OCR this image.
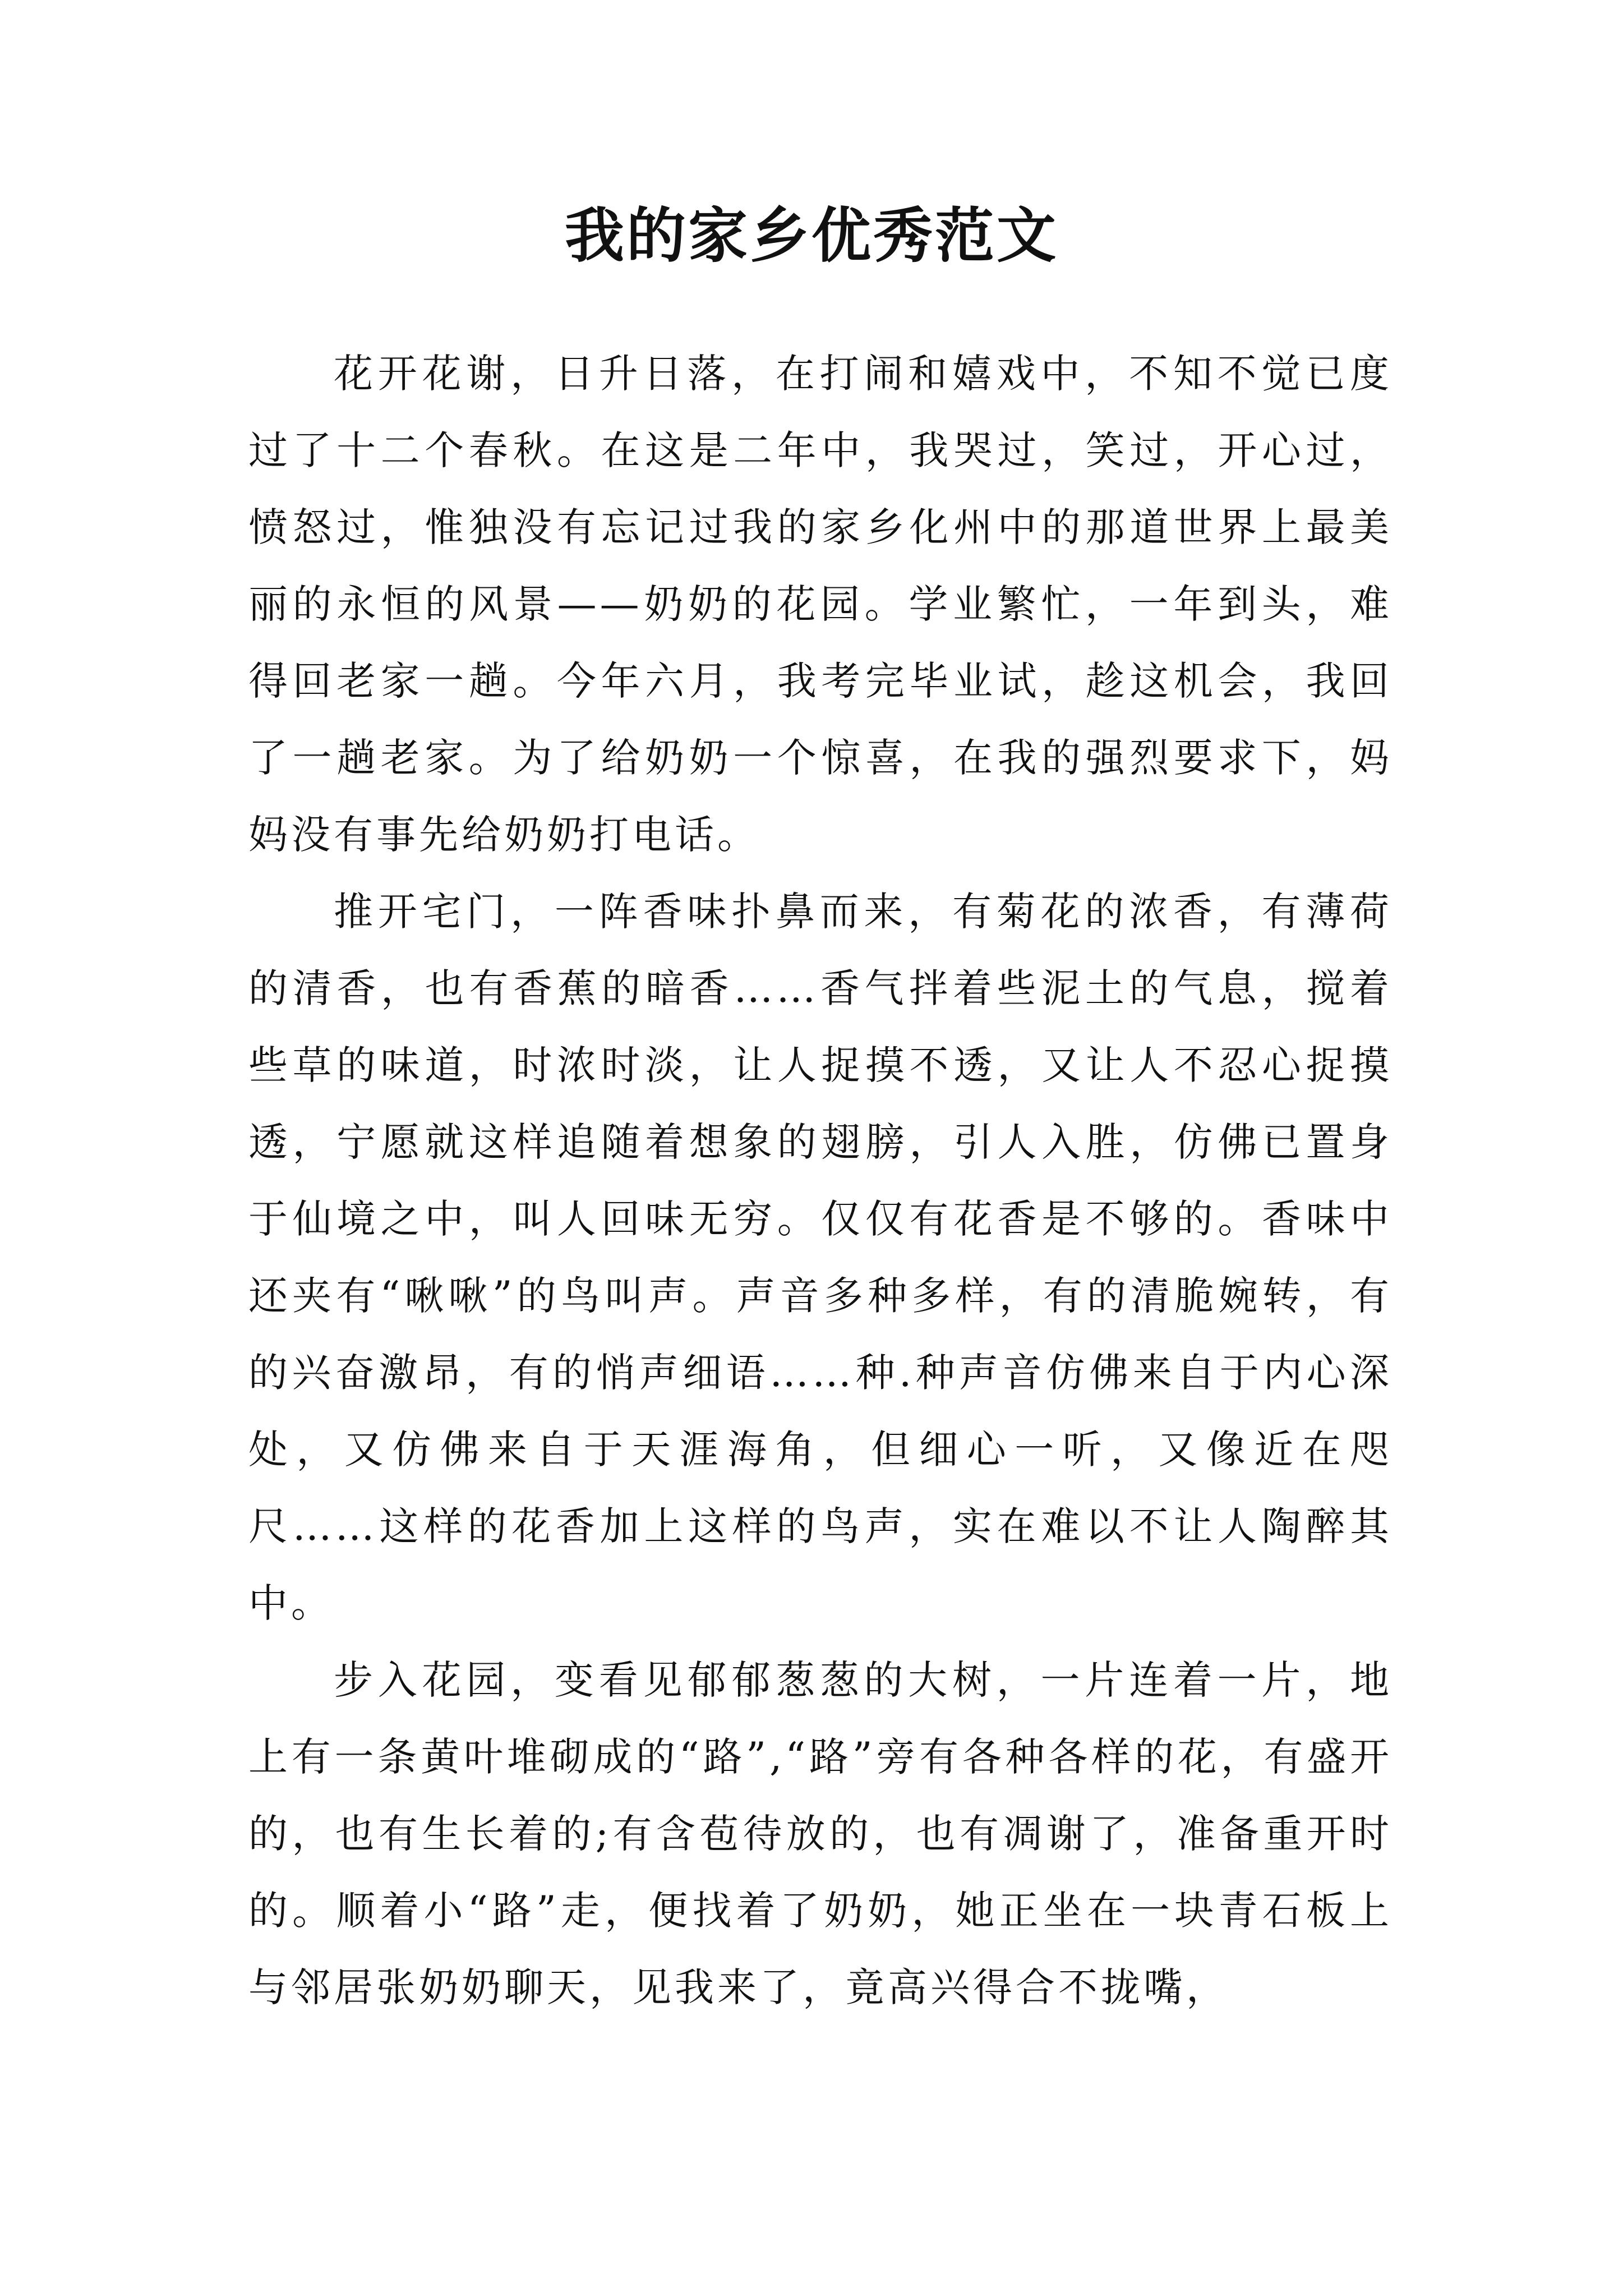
我的家乡优秀范文

花开花谢，日升日落，在打闹和嬉戏中，不知不觉已度过了十二个春秋。在这是二年中，我哭过，笑过，开心过，愤怒过，惟独没有忘记过我的家乡化州中的那道世界上最美丽的永恒的风景——奶奶的花园。学业繁忙，一年到头，难得回老家一趟。今年六月，我考完毕业试，趁这机会，我回了一趟老家。为了给奶奶一个惊喜，在我的强烈要求下，妈妈没有事先给奶奶打电话。

推开宅门，一阵香味扑鼻而来，有菊花的浓香，有薄荷的清香，也有香蕉的暗香……香气拌着些泥土的气息，搅着些草的味道，时浓时淡，让人捉摸不透，又让人不忍心捉摸透，宁愿就这样追随着想象的翅膀，引人入胜，仿佛已置身于仙境之中，叫人回味无穷。仅仅有花香是不够的。香味中还夹有“啾啾”的鸟叫声。声音多种多样，有的清脆婉转，有的兴奋激昂，有的悄声细语……种.种声音仿佛来自于内心深处，又仿佛来自于天涯海角，但细心一听，又像近在咫尺……这样的花香加上这样的鸟声，实在难以不让人陶醉其中。

步入花园，变看见郁郁葱葱的大树，一片连着一片，地上有一条黄叶堆砌成的“路”,“路”旁有各种各样的花，有盛开的，也有生长着的;有含苞待放的，也有凋谢了，准备重开时的。顺着小“路”走，便找着了奶奶，她正坐在一块青石板上与邻居张奶奶聊天，见我来了，竟高兴得合不拢嘴，
